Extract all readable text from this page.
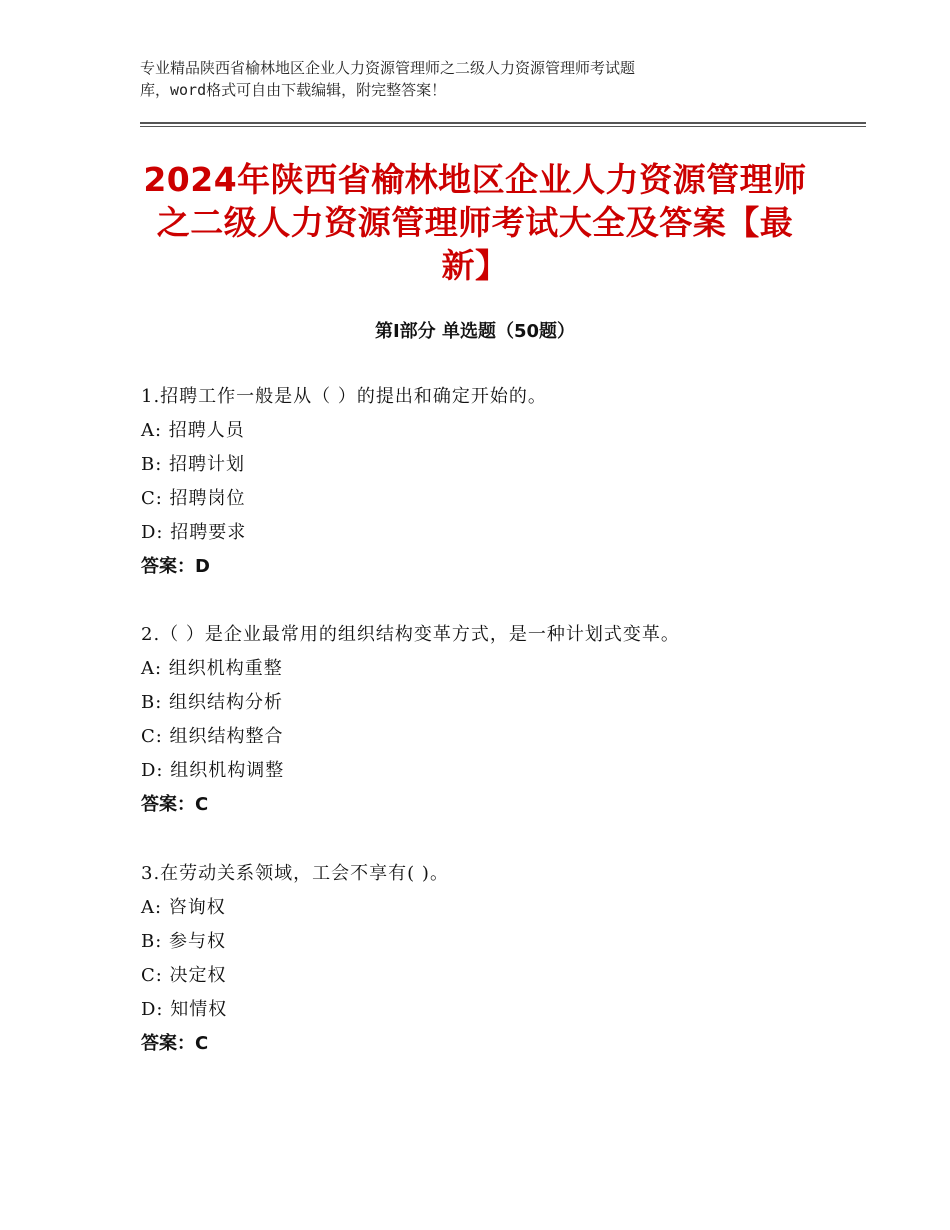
专业精品陕西省榆林地区企业人力资源管理师之二级人力资源管理师考试题
库，word格式可自由下载编辑，附完整答案！
2024年陕西省榆林地区企业人力资源管理师
之二级人力资源管理师考试大全及答案【最
新】
第Ⅰ部分 单选题（50题）
1.招聘工作一般是从（ ）的提出和确定开始的。
A: 招聘人员
B: 招聘计划
C: 招聘岗位
D: 招聘要求
答案：D
2.（ ）是企业最常用的组织结构变革方式，是一种计划式变革。
A: 组织机构重整
B: 组织结构分析
C: 组织结构整合
D: 组织机构调整
答案：C
3.在劳动关系领域，工会不享有( )。
A: 咨询权
B: 参与权
C: 决定权
D: 知情权
答案：C
